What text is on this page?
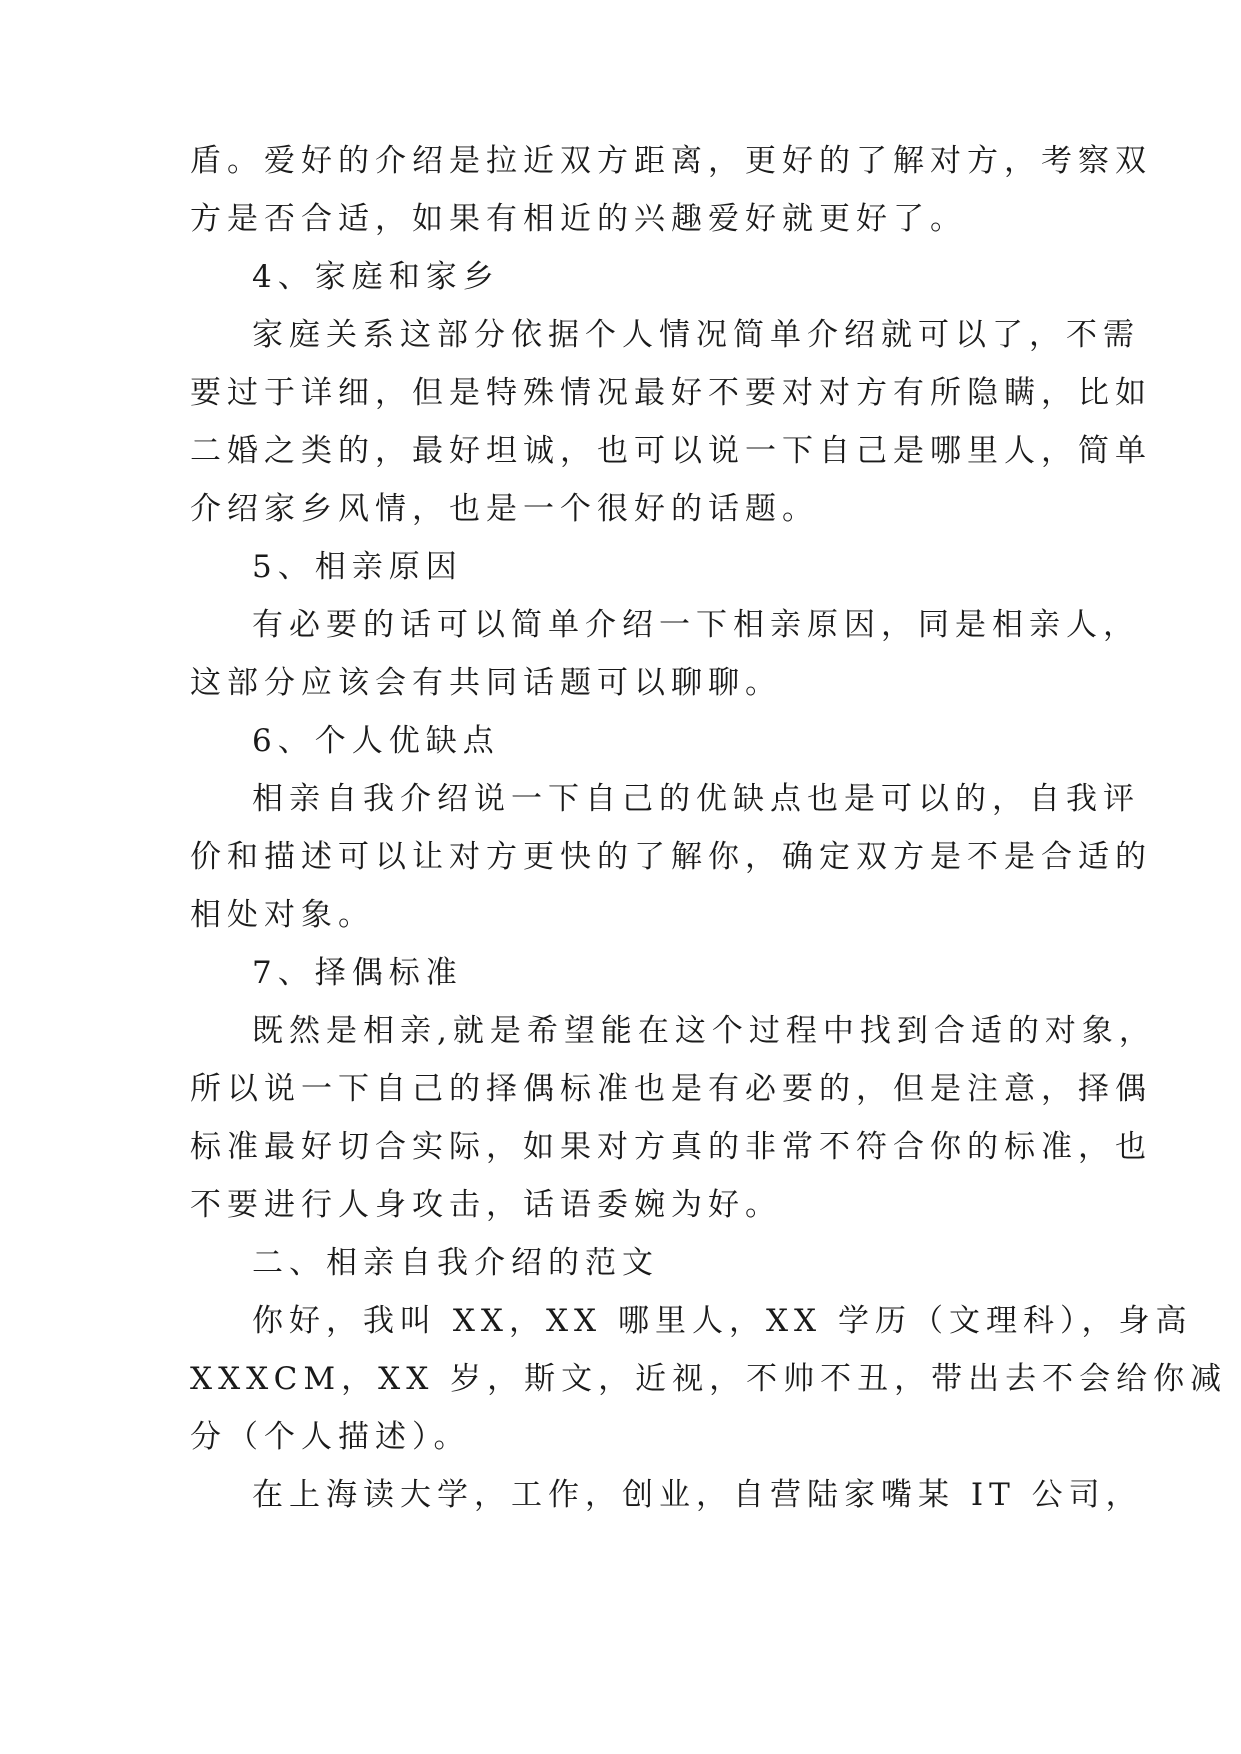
盾。爱好的介绍是拉近双方距离，更好的了解对方，考察双
方是否合适，如果有相近的兴趣爱好就更好了。
4、家庭和家乡
家庭关系这部分依据个人情况简单介绍就可以了，不需
要过于详细，但是特殊情况最好不要对对方有所隐瞒，比如
二婚之类的，最好坦诚，也可以说一下自己是哪里人，简单
介绍家乡风情，也是一个很好的话题。
5、相亲原因
有必要的话可以简单介绍一下相亲原因，同是相亲人，
这部分应该会有共同话题可以聊聊。
6、个人优缺点
相亲自我介绍说一下自己的优缺点也是可以的，自我评
价和描述可以让对方更快的了解你，确定双方是不是合适的
相处对象。
7、择偶标准
既然是相亲,就是希望能在这个过程中找到合适的对象，
所以说一下自己的择偶标准也是有必要的，但是注意，择偶
标准最好切合实际，如果对方真的非常不符合你的标准，也
不要进行人身攻击，话语委婉为好。
二、相亲自我介绍的范文
你好，我叫 XX，XX 哪里人，XX 学历（文理科），身高
XXXCM，XX 岁，斯文，近视，不帅不丑，带出去不会给你减
分（个人描述）。
在上海读大学，工作，创业，自营陆家嘴某 IT 公司，
